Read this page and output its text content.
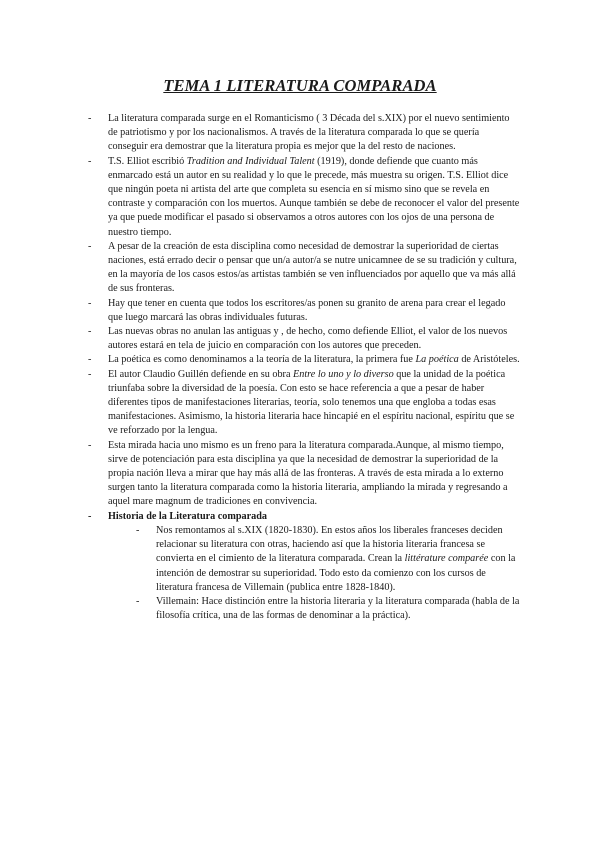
TEMA 1 LITERATURA COMPARADA
- La literatura comparada surge en el Romanticismo ( 3 Década del s.XIX) por el nuevo sentimiento de patriotismo y por los nacionalismos. A través de la literatura comparada lo que se quería conseguir era demostrar que la literatura propia es mejor que la del resto de naciones.
- T.S. Elliot escribió Tradition and Individual Talent (1919), donde defiende que cuanto más enmarcado está un autor en su realidad y lo que le precede, más muestra su origen. T.S. Elliot dice que ningún poeta ni artista del arte que completa su esencia en sí mismo sino que se revela en contraste y comparación con los muertos. Aunque también se debe de reconocer el valor del presente ya que puede modificar el pasado si observamos a otros autores con los ojos de una persona de nuestro tiempo.
- A pesar de la creación de esta disciplina como necesidad de demostrar la superioridad de ciertas naciones, está errado decir o pensar que un/a autor/a se nutre unicamnee de se su tradición y cultura, en la mayoría de los casos estos/as artistas también se ven influenciados por aquello que va más allá de sus fronteras.
- Hay que tener en cuenta que todos los escritores/as ponen su granito de arena para crear el legado que luego marcará las obras individuales futuras.
- Las nuevas obras no anulan las antiguas y , de hecho, como defiende Elliot, el valor de los nuevos autores estará en tela de juicio en comparación con los autores que preceden.
- La poética es como denominamos a la teoría de la literatura, la primera fue La poética de Aristóteles.
- El autor Claudio Guillén defiende en su obra Entre lo uno y lo diverso que la unidad de la poética triunfaba sobre la diversidad de la poesía. Con esto se hace referencia a que a pesar de haber diferentes tipos de manifestaciones literarias, teoría, solo tenemos una que engloba a todas esas manifestaciones. Asimismo, la historia literaria hace hincapié en el espíritu nacional, espíritu que se ve reforzado por la lengua.
- Esta mirada hacia uno mismo es un freno para la literatura comparada.Aunque, al mismo tiempo, sirve de potenciación para esta disciplina ya que la necesidad de demostrar la superioridad de la propia nación lleva a mirar que hay más allá de las fronteras. A través de esta mirada a lo externo surgen tanto la literatura comparada como la historia literaria, ampliando la mirada y regresando a aquel mare magnum de tradiciones en convivencia.
- Historia de la Literatura comparada
- Nos remontamos al s.XIX (1820-1830). En estos años los liberales franceses deciden relacionar su literatura con otras, haciendo así que la historia literaria francesa se convierta en el cimiento de la literatura comparada. Crean la littérature comparée con la intención de demostrar su superioridad. Todo esto da comienzo con los cursos de literatura francesa de Villemain (publica entre 1828-1840).
- Villemain: Hace distinción entre la historia literaria y la literatura comparada (habla de la filosofía crítica, una de las formas de denominar a la práctica).
